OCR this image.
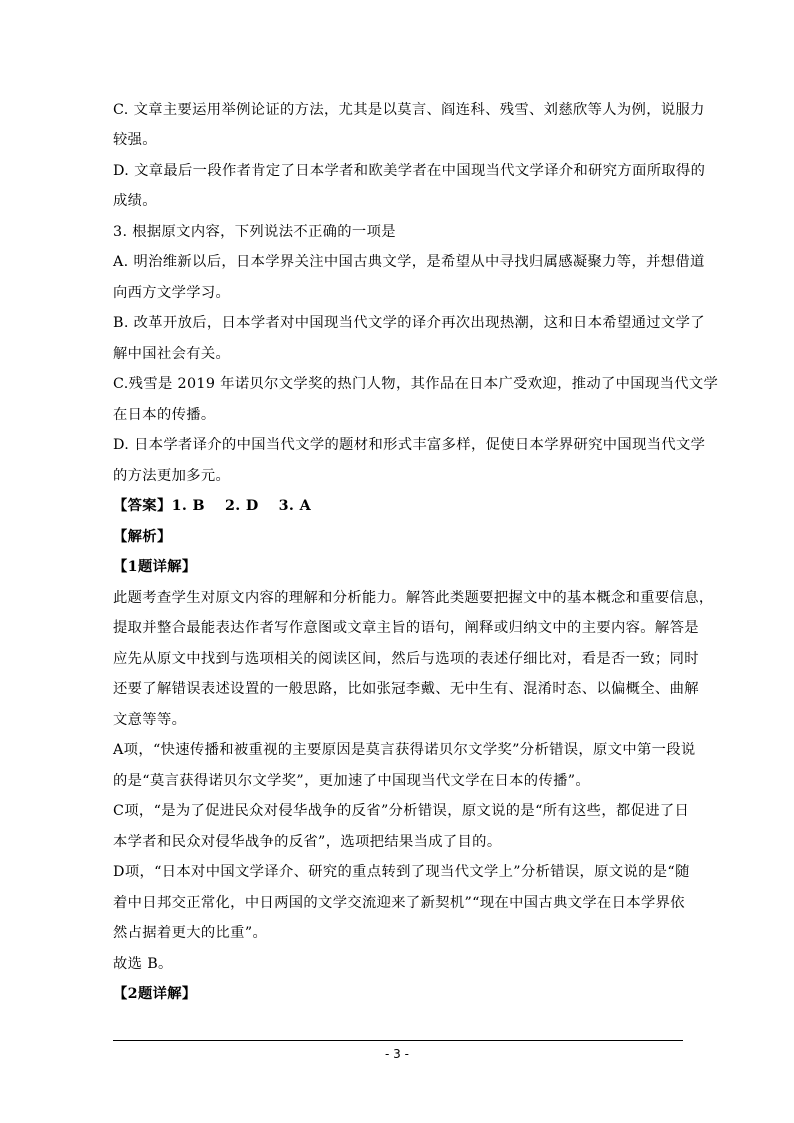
C. 文章主要运用举例论证的方法，尤其是以莫言、阎连科、残雪、刘慈欣等人为例，说服力
较强。
D. 文章最后一段作者肯定了日本学者和欧美学者在中国现当代文学译介和研究方面所取得的
成绩。
3. 根据原文内容，下列说法不正确的一项是
A. 明治维新以后，日本学界关注中国古典文学，是希望从中寻找归属感凝聚力等，并想借道
向西方文学学习。
B. 改革开放后，日本学者对中国现当代文学的译介再次出现热潮，这和日本希望通过文学了
解中国社会有关。
C.残雪是 2019 年诺贝尔文学奖的热门人物，其作品在日本广受欢迎，推动了中国现当代文学
在日本的传播。
D. 日本学者译介的中国当代文学的题材和形式丰富多样，促使日本学界研究中国现当代文学
的方法更加多元。
【答案】1. B　 2. D　 3. A
【解析】
【1题详解】
此题考查学生对原文内容的理解和分析能力。解答此类题要把握文中的基本概念和重要信息，
提取并整合最能表达作者写作意图或文章主旨的语句，阐释或归纳文中的主要内容。解答是
应先从原文中找到与选项相关的阅读区间，然后与选项的表述仔细比对，看是否一致；同时
还要了解错误表述设置的一般思路，比如张冠李戴、无中生有、混淆时态、以偏概全、曲解
文意等等。
A项，“快速传播和被重视的主要原因是莫言获得诺贝尔文学奖”分析错误，原文中第一段说
的是“莫言获得诺贝尔文学奖”，更加速了中国现当代文学在日本的传播”。
C项，“是为了促进民众对侵华战争的反省”分析错误，原文说的是“所有这些，都促进了日
本学者和民众对侵华战争的反省”，选项把结果当成了目的。
D项，“日本对中国文学译介、研究的重点转到了现当代文学上”分析错误，原文说的是“随
着中日邦交正常化，中日两国的文学交流迎来了新契机”“现在中国古典文学在日本学界依
然占据着更大的比重”。
故选 B。
【2题详解】
- 3 -
